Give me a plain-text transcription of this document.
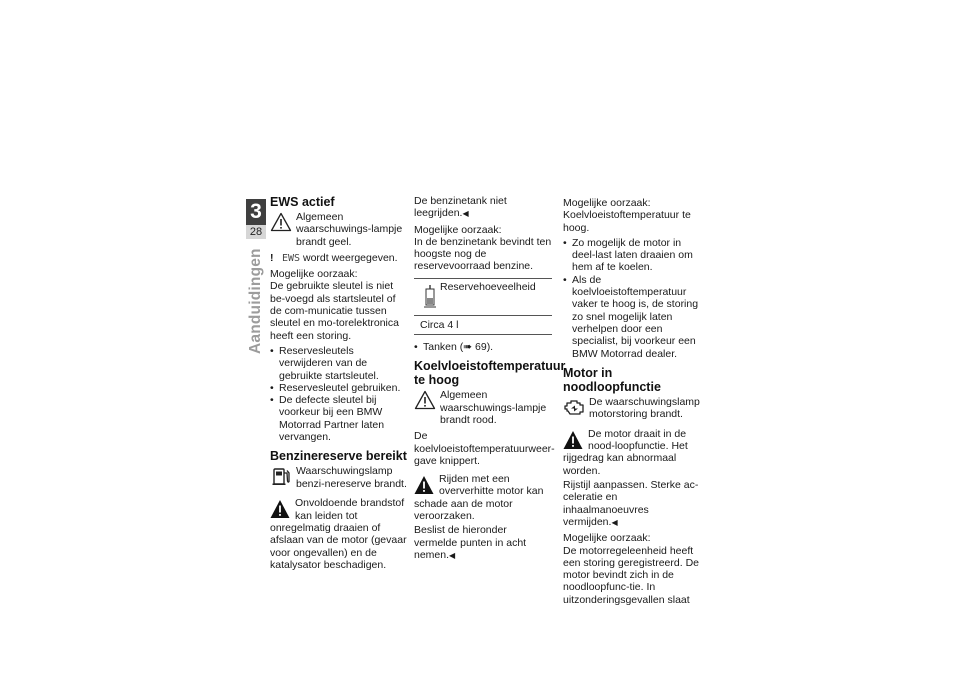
3
28
Aanduidingen
EWS actief
Algemeen waarschuwings-lampje brandt geel.

! EWS wordt weergegeven.

Mogelijke oorzaak:

De gebruikte sleutel is niet be-voegd als startsleutel of de com-municatie tussen sleutel en mo-torelektronica heeft een storing.

• Reservesleutels verwijderen van de gebruikte startsleutel.
• Reservesleutel gebruiken.
• De defecte sleutel bij voorkeur bij een BMW Motorrad Partner laten vervangen.
Benzinereserve bereikt
Waarschuwingslamp benzi-nereserve brandt.
Onvoldoende brandstof kan leiden tot onregelmatig draaien of afslaan van de motor (gevaar voor ongevallen) en de katalysator beschadigen.

De benzinetank niet leegrijden.◀

Mogelijke oorzaak:

In de benzinetank bevindt ten hoogste nog de reservevoorraad benzine.

Reservehoeveelheid
Circa 4 l
• Tanken (➠ 69).
Koelvloeistoftemperatuur te hoog
Algemeen waarschuwings-lampje brandt rood.

De koelvloeistoftemperatuurweer-gave knippert.

Rijden met een oververhitte motor kan schade aan de motor veroorzaken.

Beslist de hieronder vermelde punten in acht nemen.◀

Mogelijke oorzaak:

Koelvloeistoftemperatuur te hoog.

• Zo mogelijk de motor in deel-last laten draaien om hem af te koelen.
• Als de koelvloeistoftemperatuur vaker te hoog is, de storing zo snel mogelijk laten verhelpen door een specialist, bij voorkeur een BMW Motorrad dealer.
Motor in noodloopfunctie
De waarschuwingslamp motorstoring brandt.
De motor draait in de nood-loopfunctie. Het rijgedrag kan abnormaal worden.

Rijstijl aanpassen. Sterke ac-celeratie en inhaalmanoeuvres vermijden.◀

Mogelijke oorzaak:

De motorregeleenheid heeft een storing geregistreerd. De motor bevindt zich in de noodloopfunc-tie. In uitzonderingsgevallen slaat
